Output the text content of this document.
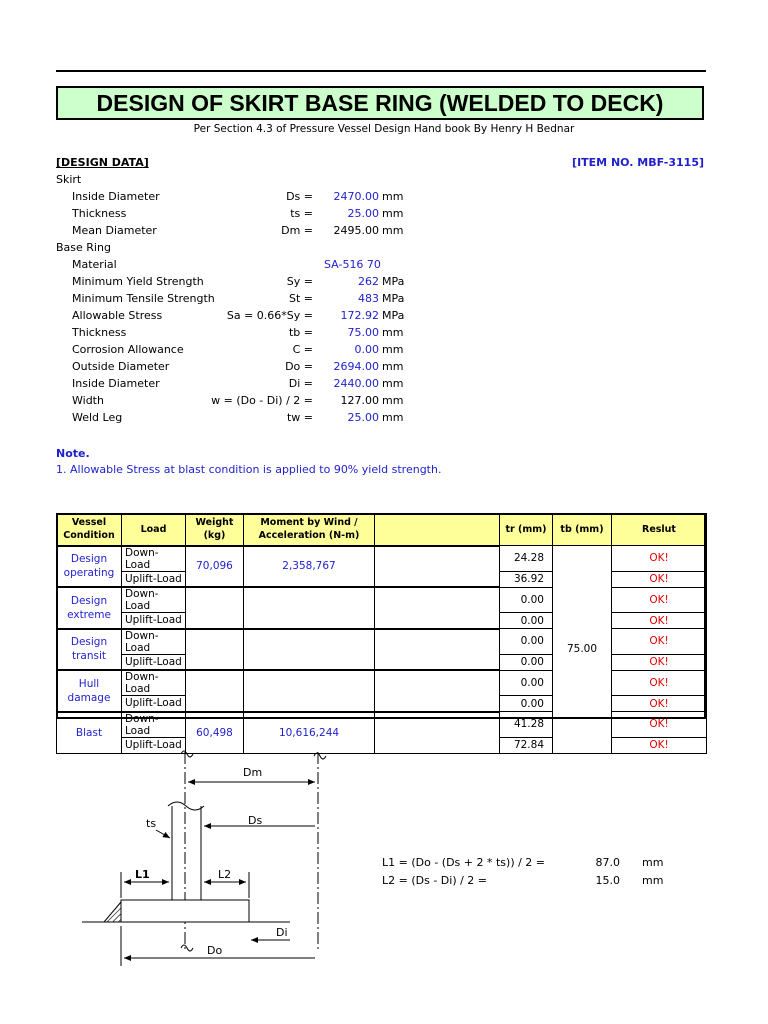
DESIGN OF SKIRT BASE RING (WELDED TO DECK)
Per Section 4.3 of Pressure Vessel Design Hand book By Henry H Bednar
[DESIGN DATA]	[ITEM NO. MBF-3115]
Skirt
Inside Diameter	Ds = 2470.00 mm
Thickness	ts =	25.00 mm
Mean Diameter	Dm = 2495.00 mm
Base Ring
Material	SA-516 70
Minimum Yield Strength	Sy =	262 MPa
Minimum Tensile Strength	St =	483 MPa
Allowable Stress	Sa = 0.66*Sy =	172.92 MPa
Thickness	tb =	75.00 mm
Corrosion Allowance	C =	0.00 mm
Outside Diameter	Do = 2694.00 mm
Inside Diameter	Di = 2440.00 mm
Width	w = (Do - Di) / 2 =	127.00 mm
Weld Leg	tw =	25.00 mm
Note.
1. Allowable Stress at blast condition is applied to 90% yield strength.
Vessel Condition	Load	Weight (kg)	Moment by Wind / Acceleration (N-m)		tr (mm)	tb (mm)	Reslut
Design operating	Down-Load	70,096	2,358,767		24.28	75.00	OK!
	Uplift-Load				36.92		OK!
Design extreme	Down-Load				0.00		OK!
	Uplift-Load				0.00		OK!
Design transit	Down-Load				0.00		OK!
	Uplift-Load				0.00		OK!
Hull damage	Down-Load				0.00		OK!
	Uplift-Load				0.00		OK!
Blast	Down-Load	60,498	10,616,244		41.28		OK!
	Uplift-Load				72.84		OK!
Dm
Ds
ts
L1	L2
Di
Do
L1 = (Do - (Ds + 2 * ts)) / 2 =	87.0 mm
L2 = (Ds - Di) / 2 =	15.0 mm
